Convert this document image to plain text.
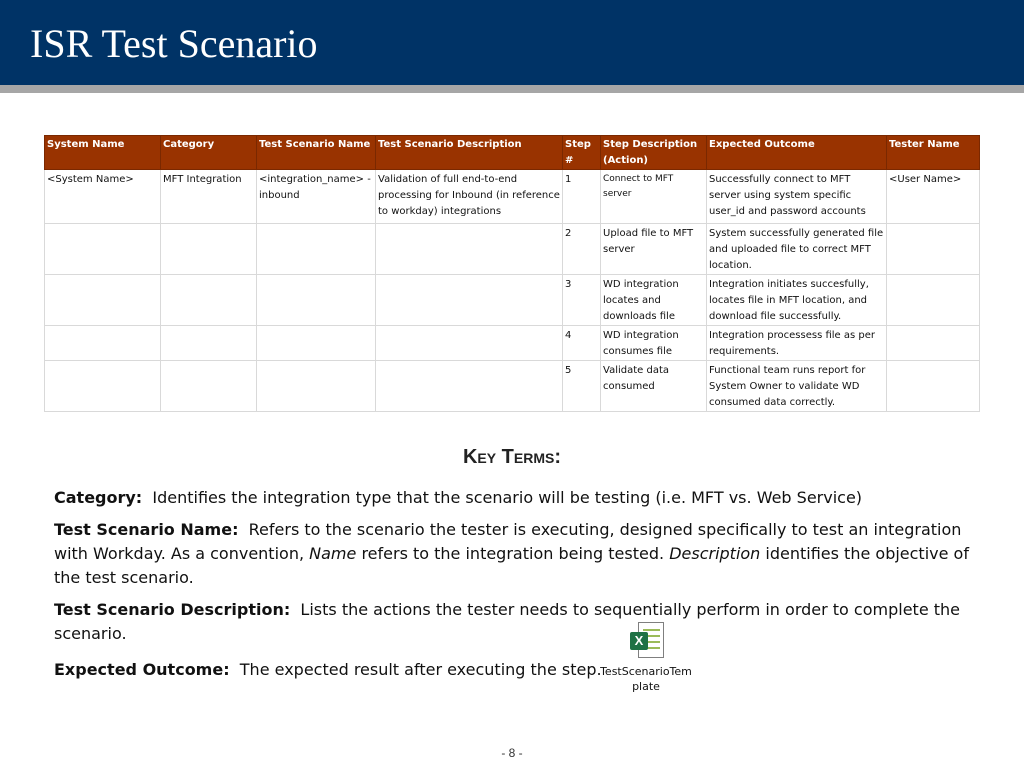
ISR Test Scenario
System Name	Category	Test Scenario Name	Test Scenario Description	Step #	Step Description (Action)	Expected Outcome	Tester Name
<System Name>	MFT Integration	<integration_name> - inbound	Validation of full end-to-end processing for Inbound (in reference to workday) integrations	1	Connect to MFT server	Successfully connect to MFT server using system specific user_id and password accounts	<User Name>
				2	Upload file to MFT server	System successfully generated file and uploaded file to correct MFT location.	
				3	WD integration locates and downloads file	Integration initiates succesfully, locates file in MFT location, and download file successfully.	
				4	WD integration consumes file	Integration processess file as per requirements.	
				5	Validate data consumed	Functional team runs report for System Owner to validate WD consumed data correctly.	
Key Terms:

Category: Identifies the integration type that the scenario will be testing (i.e. MFT vs. Web Service)

Test Scenario Name: Refers to the scenario the tester is executing, designed specifically to test an integration with Workday. As a convention, Name refers to the integration being tested. Description identifies the objective of the test scenario.

Test Scenario Description: Lists the actions the tester needs to sequentially perform in order to complete the scenario.

Expected Outcome: The expected result after executing the step.

X
TestScenarioTemplate
- 8 -
